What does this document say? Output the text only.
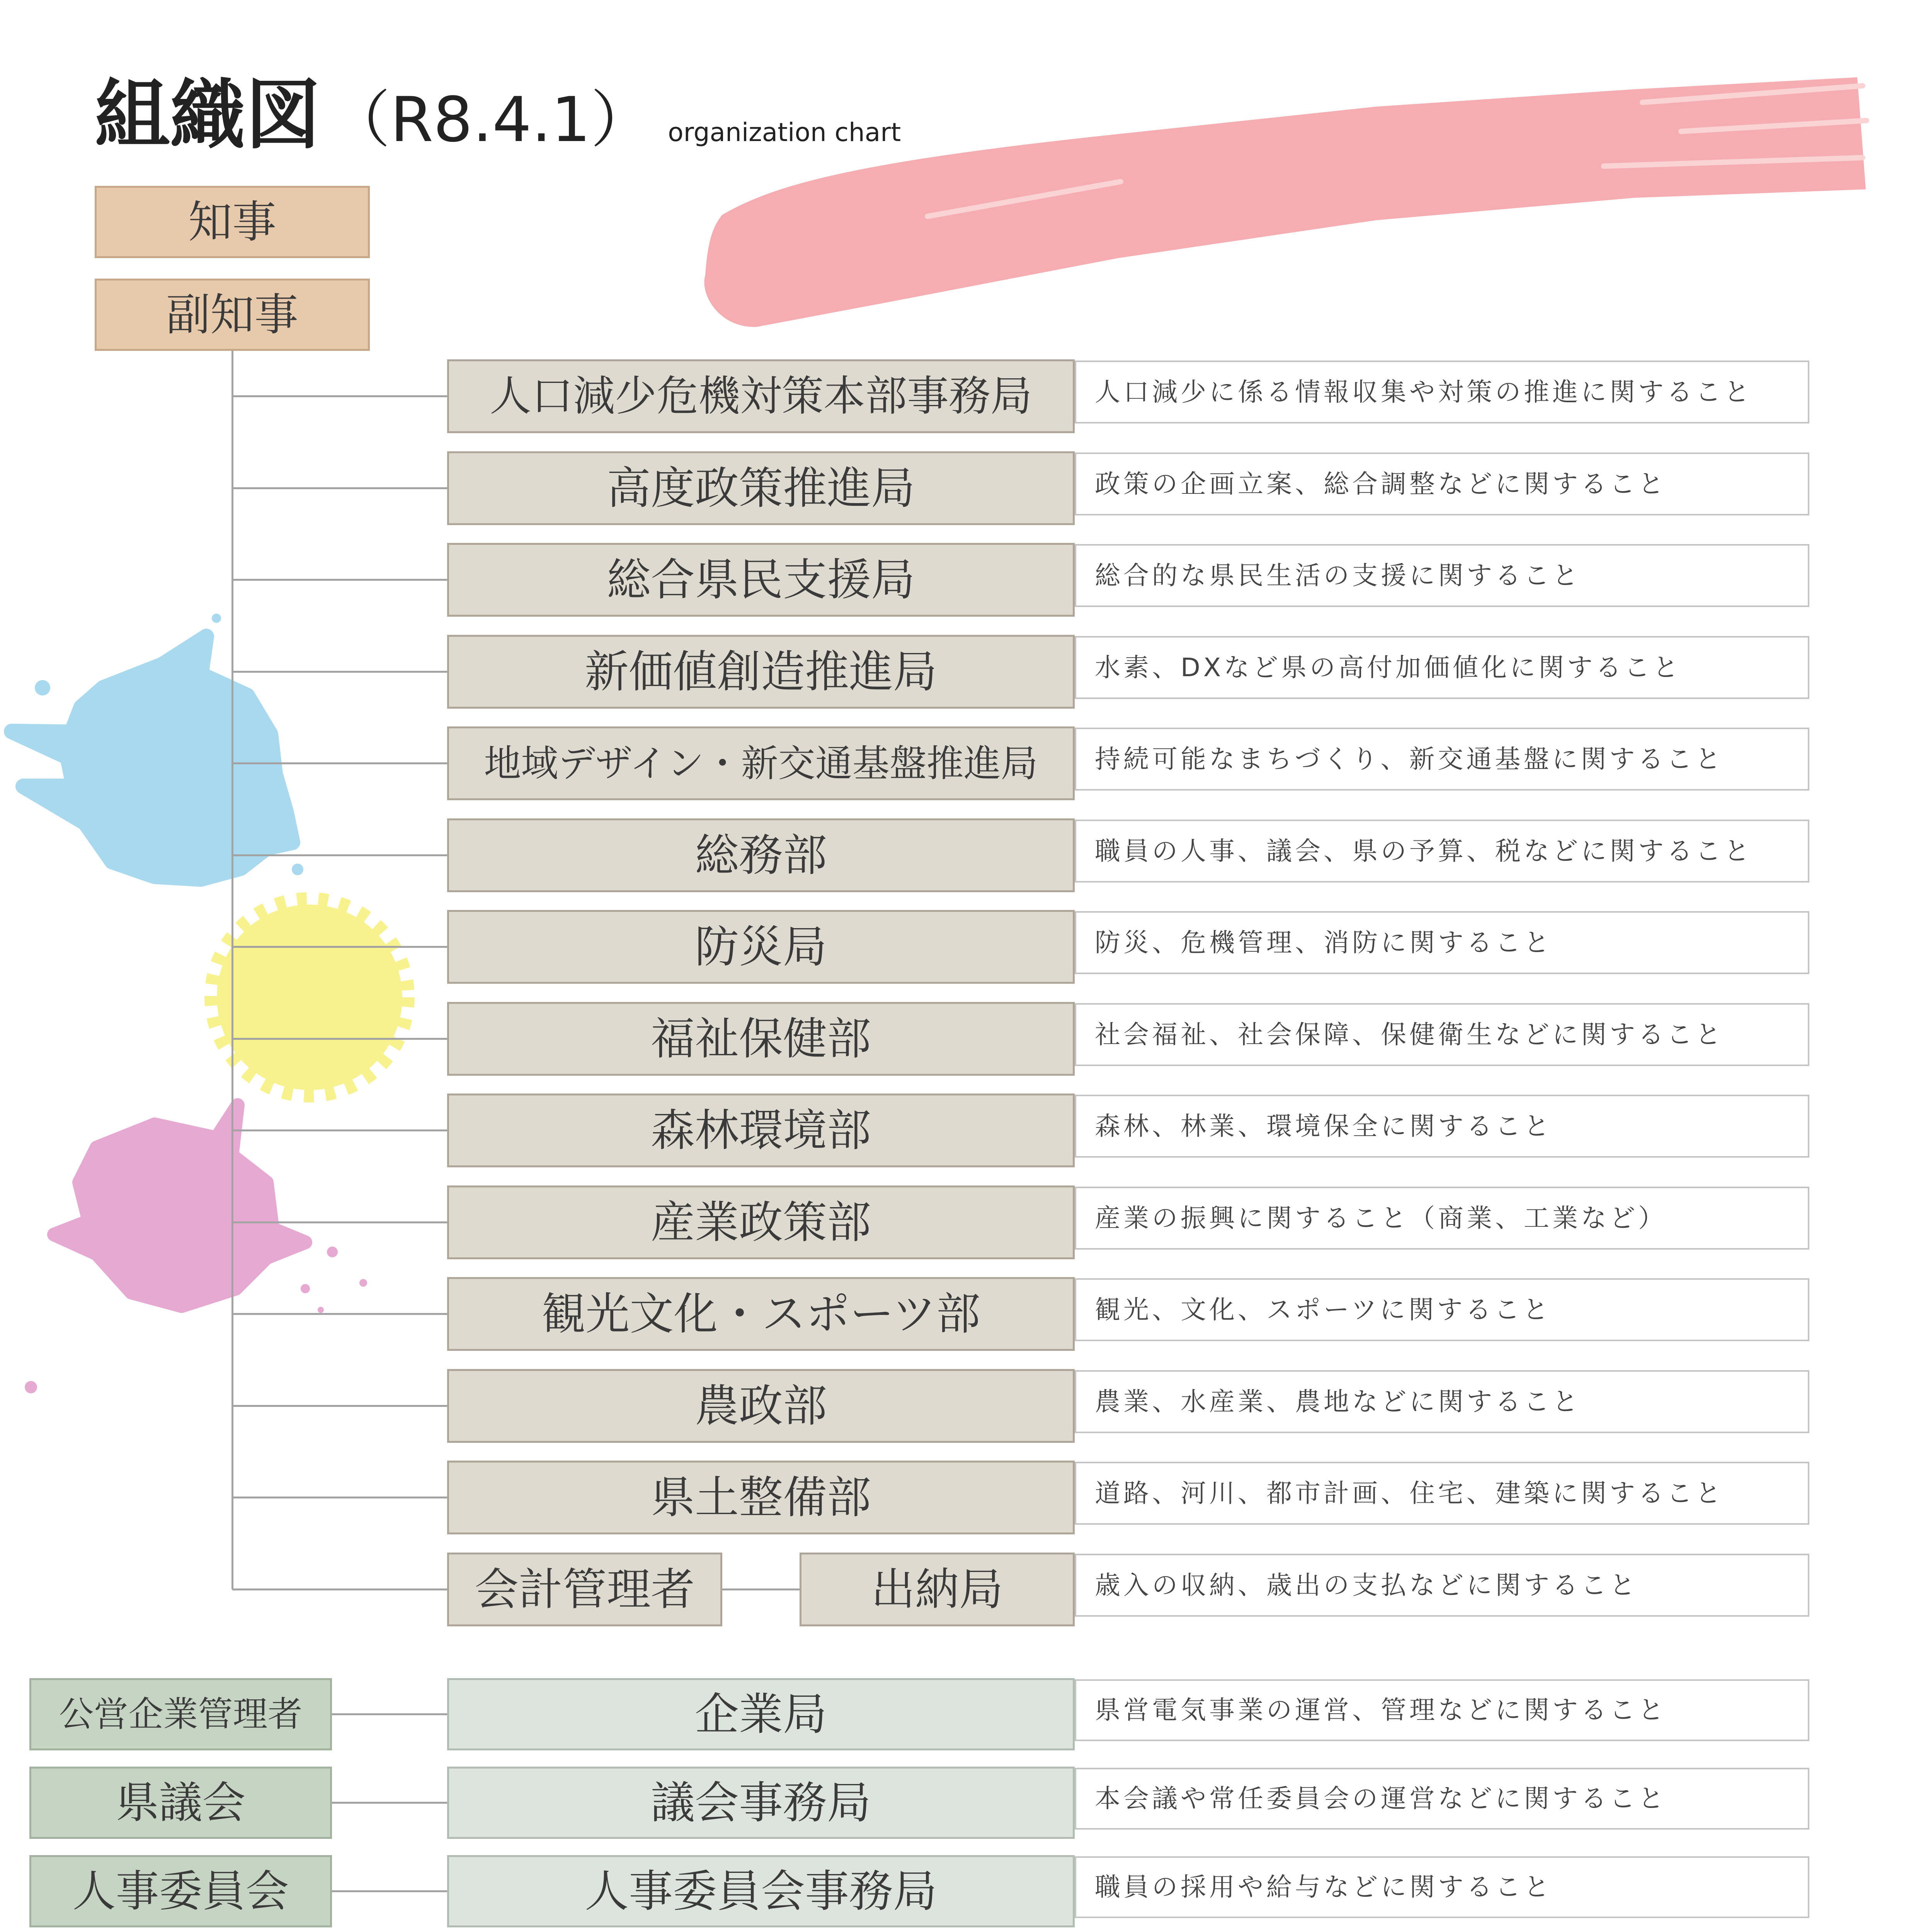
組織図 （R8.4.1） organization chart
知事
副知事
人口減少危機対策本部事務局	人口減少に係る情報収集や対策の推進に関すること
高度政策推進局	政策の企画立案、総合調整などに関すること
総合県民支援局	総合的な県民生活の支援に関すること
新価値創造推進局	水素、DXなど県の高付加価値化に関すること
地域デザイン・新交通基盤推進局	持続可能なまちづくり、新交通基盤に関すること
総務部	職員の人事、議会、県の予算、税などに関すること
防災局	防災、危機管理、消防に関すること
福祉保健部	社会福祉、社会保障、保健衛生などに関すること
森林環境部	森林、林業、環境保全に関すること
産業政策部	産業の振興に関すること（商業、工業など）
観光文化・スポーツ部	観光、文化、スポーツに関すること
農政部	農業、水産業、農地などに関すること
県土整備部	道路、河川、都市計画、住宅、建築に関すること
会計管理者	出納局	歳入の収納、歳出の支払などに関すること
公営企業管理者	企業局	県営電気事業の運営、管理などに関すること
県議会	議会事務局	本会議や常任委員会の運営などに関すること
人事委員会	人事委員会事務局	職員の採用や給与などに関すること
